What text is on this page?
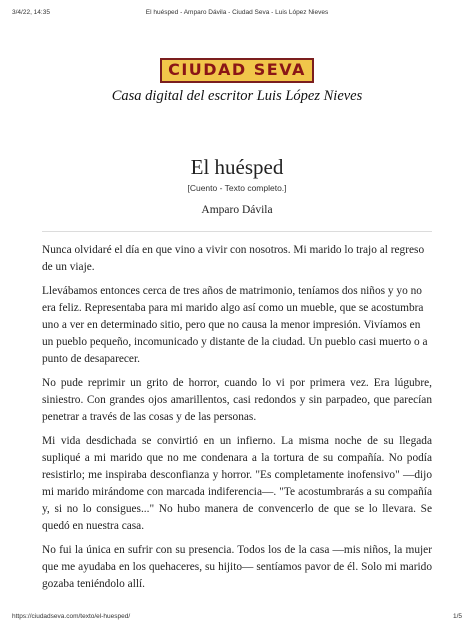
3/4/22, 14:35	El huésped - Amparo Dávila - Ciudad Seva - Luis López Nieves
CIUDAD SEVA
Casa digital del escritor Luis López Nieves
El huésped
[Cuento - Texto completo.]
Amparo Dávila

Nunca olvidaré el día en que vino a vivir con nosotros. Mi marido lo trajo al regreso de un viaje.

Llevábamos entonces cerca de tres años de matrimonio, teníamos dos niños y yo no era feliz. Representaba para mi marido algo así como un mueble, que se acostumbra uno a ver en determinado sitio, pero que no causa la menor impresión. Vivíamos en un pueblo pequeño, incomunicado y distante de la ciudad. Un pueblo casi muerto o a punto de desaparecer.

No pude reprimir un grito de horror, cuando lo vi por primera vez. Era lúgubre, siniestro. Con grandes ojos amarillentos, casi redondos y sin parpadeo, que parecían penetrar a través de las cosas y de las personas.

Mi vida desdichada se convirtió en un infierno. La misma noche de su llegada supliqué a mi marido que no me condenara a la tortura de su compañía. No podía resistirlo; me inspiraba desconfianza y horror. "Es completamente inofensivo" —dijo mi marido mirándome con marcada indiferencia—. "Te acostumbrarás a su compañía y, si no lo consigues..." No hubo manera de convencerlo de que se lo llevara. Se quedó en nuestra casa.

No fui la única en sufrir con su presencia. Todos los de la casa —mis niños, la mujer que me ayudaba en los quehaceres, su hijito— sentíamos pavor de él. Solo mi marido gozaba teniéndolo allí.

https://ciudadseva.com/texto/el-huesped/	1/5
